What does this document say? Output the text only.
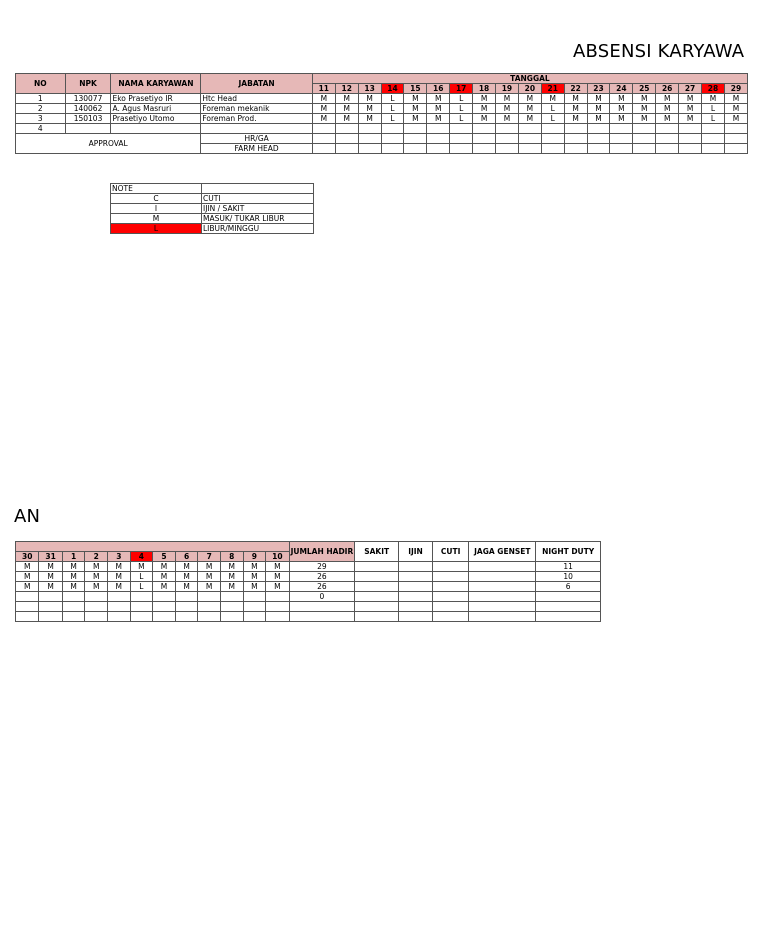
ABSENSI KARYAWA
NO	NPK	NAMA KARYAWAN	JABATAN	TANGGAL																		
				11	12	13	14	15	16	17	18	19	20	21	22	23	24	25	26	27	28	29
1	130077	Eko Prasetiyo IR	Htc Head	M	M	M	L	M	M	L	M	M	M	M	M	M	M	M	M	M	M	M
2	140062	A. Agus Masruri	Foreman mekanik	M	M	M	L	M	M	L	M	M	M	L	M	M	M	M	M	M	L	M
3	150103	Prasetiyo Utomo	Foreman Prod.	M	M	M	L	M	M	L	M	M	M	L	M	M	M	M	M	M	L	M
4																						
APPROVAL			HR/GA																			
			FARM HEAD																			
NOTE	
C	CUTI
I	IJIN / SAKIT
M	MASUK/ TUKAR LIBUR
L	LIBUR/MINGGU
AN
												JUMLAH HADIR	SAKIT	IJIN	CUTI	JAGA GENSET	NIGHT DUTY
30	31	1	2	3	4	5	6	7	8	9	10						
M	M	M	M	M	M	M	M	M	M	M	M	29					11
M	M	M	M	M	L	M	M	M	M	M	M	26					10
M	M	M	M	M	L	M	M	M	M	M	M	26					6
												0					
